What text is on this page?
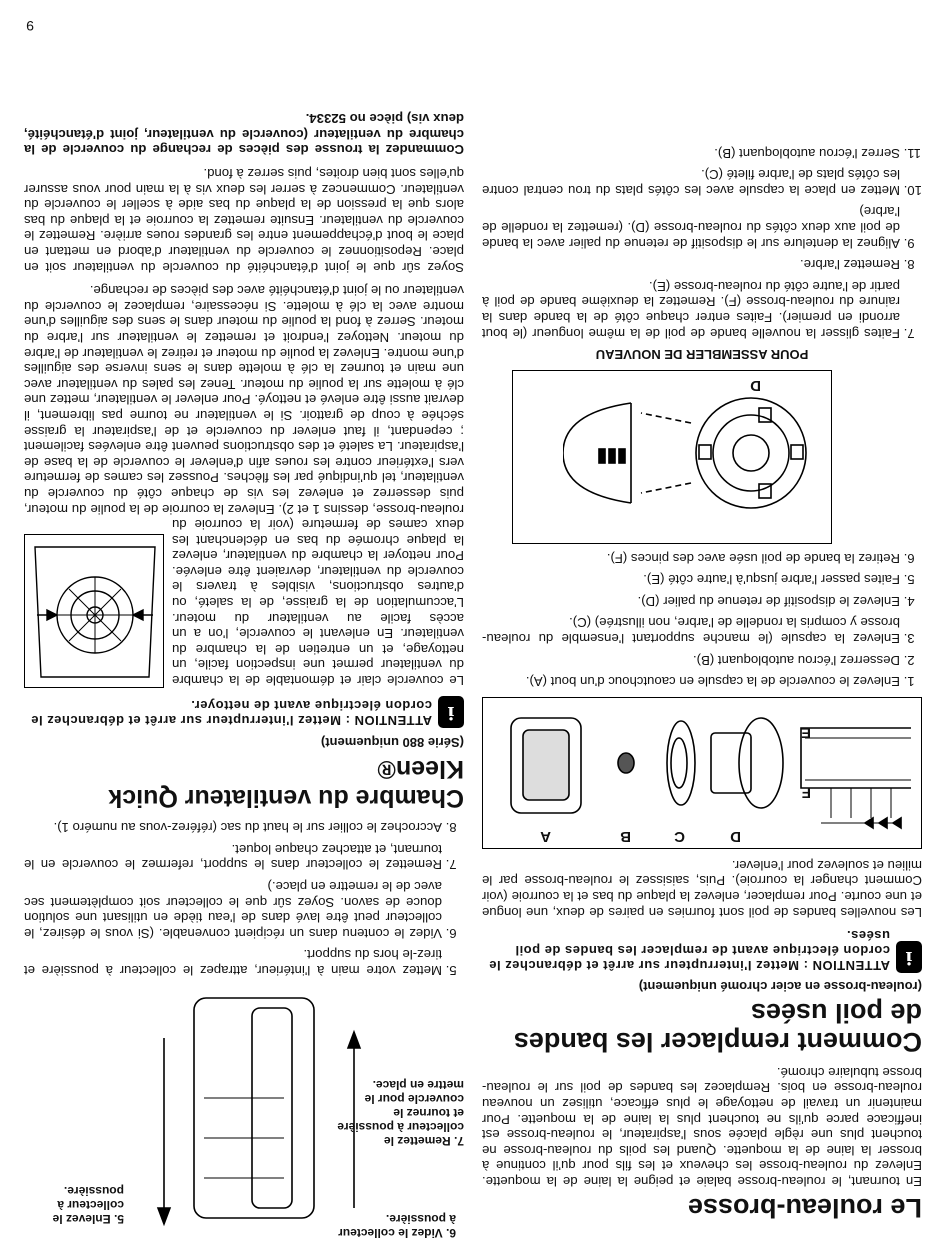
Le rouleau-brosse

En tournant, le rouleau-brosse balaie et peigne la laine de la moquette. Enlevez du rouleau-brosse les cheveux et les fils pour qu'il continue à brosser la laine de la moquette. Quand les poils du rouleau-brosse ne touchent plus une règle placée sous l'aspirateur, le rouleau-brosse est inefficace parce qu'ils ne touchent plus la laine de la moquette. Pour maintenir un travail de nettoyage le plus efficace, utilisez un nouveau rouleau-brosse en bois. Remplacez les bandes de poil sur le rouleau-brosse tubulaire chromé.

Comment remplacer les bandes de poil usées
(rouleau-brosse en acier chromé uniquement)
i
ATTENTION : Mettez l'interrupteur sur arrêt et débranchez le cordon électrique avant de remplacer les bandes de poil usées.

Les nouvelles bandes de poil sont fournies en paires de deux, une longue et une courte. Pour remplacer, enlevez la plaque du bas et la courroie (voir Comment changer la courroie). Puis, saisissez le rouleau-brosse par le milieu et soulevez pour l'enlever.

A	B	C	D
E
F
1. Enlevez le couvercle de la capsule en caoutchouc d'un bout (A).
2. Desserrez l'écrou autobloquant (B).
3. Enlevez la capsule (le manche supportant l'ensemble du rouleau-brosse y compris la rondelle de l'arbre, non illustrée) (C).
4. Enlevez le dispositif de retenue du palier (D).
5. Faites passer l'arbre jusqu'à l'autre côté (E).
6. Retirez la bande de poil usée avec des pinces (F).
D
POUR ASSEMBLER DE NOUVEAU
7. Faites glisser la nouvelle bande de poil de la même longueur (le bout arrondi en premier). Faites entrer chaque côté de la bande dans la rainure du rouleau-brosse (F). Remettez la deuxième bande de poil à partir de l'autre côté du rouleau-brosse (E).
8. Remettez l'arbre.
9. Alignez la dentelure sur le dispositif de retenue du palier avec la bande de poil aux deux côtés du rouleau-brosse (D). (remettez la rondelle de l'arbre)
10. Mettez en place la capsule avec les côtés plats du trou central contre les côtés plats de l'arbre fileté (C).
11. Serrez l'écrou autobloquant (B).
5. Enlevez le collecteur à poussière.
6. Videz le collecteur à poussière.
7. Remettez le collecteur à poussière et tournez le couvercle pour le mettre en place.
5. Mettez votre main à l'intérieur, attrapez le collecteur à poussière et tirez-le hors du support.
6. Videz le contenu dans un récipient convenable. (Si vous le désirez, le collecteur peut être lavé dans de l'eau tiède en utilisant une solution douce de savon. Soyez sûr que le collecteur soit complètement sec avec de le remettre en place.)
7. Remettez le collecteur dans le support, refermez le couvercle en le tournant, et attachez chaque loquet.
8. Accrochez le collier sur le haut du sac (référez-vous au numéro 1).
Chambre du ventilateur Quick Kleen®
(Série 880 uniquement)
i
ATTENTION : Mettez l'interrupteur sur arrêt et débranchez le cordon électrique avant de nettoyer.

Le couvercle clair et démontable de la chambre du ventilateur permet une inspection facile, un nettoyage, et un entretien de la chambre du ventilateur. En enlevant le couvercle, l'on a un accès facile au ventilateur du moteur. L'accumulation de la graisse, de la saleté, ou d'autres obstructions, visibles à travers le couvercle du ventilateur, devraient être enlevée. Pour nettoyer la chambre du ventilateur, enlevez la plaque chromée du bas en déclenchant les deux cames de fermeture (voir la courroie du rouleau-brosse, dessins 1 et 2). Enlevez la courroie de la poulie du moteur, puis desserrez et enlevez les vis de chaque côté du couvercle du ventilateur, tel qu'indiqué par les flèches. Poussez les cames de fermeture vers l'extérieur contre les roues afin d'enlever le couvercle de la base de l'aspirateur. La saleté et des obstructions peuvent être enlevées facilement ; cependant, il faut enlever du couvercle et de l'aspirateur la graisse séchée à coup de grattoir. Si le ventilateur ne tourne pas librement, il devrait aussi être enlevé et nettoyé. Pour enlever le ventilateur, mettez une clé à molette sur la poulie du moteur. Tenez les pales du ventilateur avec une main et tournez la clé à molette dans le sens inverse des aiguilles d'une montre. Enlevez la poulie du moteur et retirez le ventilateur de l'arbre du moteur. Nettoyez l'endroit et remettez le ventilateur sur l'arbre du moteur. Serrez à fond la poulie du moteur dans le sens des aiguilles d'une montre avec la clé à molette. Si nécessaire, remplacez le couvercle du ventilateur ou le joint d'étanchéité avec des pièces de rechange.

Soyez sûr que le joint d'étanchéité du couvercle du ventilateur soit en place. Repositionnez le couvercle du ventilateur d'abord en mettant en place le bout d'échappement entre les grandes roues arrière. Remettez le couvercle du ventilateur. Ensuite remettez la courroie et la plaque du bas alors que la pression de la plaque du bas aide à sceller le couvercle du ventilateur. Commencez à serrer les deux vis à la main pour vous assurer qu'elles sont bien droites, puis serrez à fond.

Commandez la trousse des pièces de rechange du couvercle de la chambre du ventilateur (couvercle du ventilateur, joint d'étanchéité, deux vis) pièce no 52334.

9
